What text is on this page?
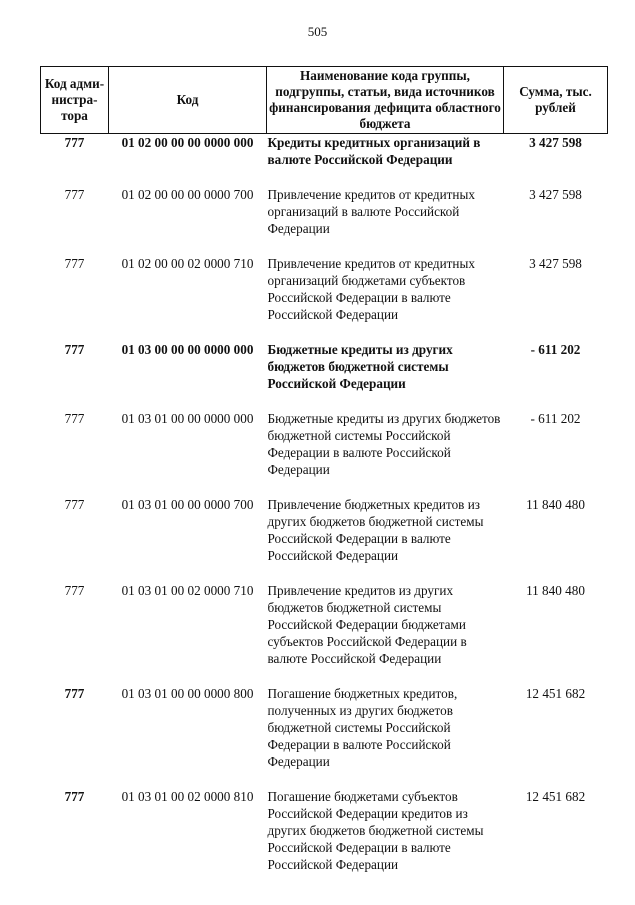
505
Код адми-нистра-тора	Код	Наименование кода группы, подгруппы, статьи, вида источников финансирования дефицита областного бюджета	Сумма, тыс. рублей
777	01 02 00 00 00 0000 000	Кредиты кредитных организаций в валюте Российской Федерации	3 427 598
777	01 02 00 00 00 0000 700	Привлечение кредитов от кредитных организаций в валюте Российской Федерации	3 427 598
777	01 02 00 00 02 0000 710	Привлечение кредитов от кредитных организаций бюджетами субъектов Российской Федерации в валюте Российской Федерации	3 427 598
777	01 03 00 00 00 0000 000	Бюджетные кредиты из других бюджетов бюджетной системы Российской Федерации	- 611 202
777	01 03 01 00 00 0000 000	Бюджетные кредиты из других бюджетов бюджетной системы Российской Федерации в валюте Российской Федерации	- 611 202
777	01 03 01 00 00 0000 700	Привлечение бюджетных кредитов из других бюджетов бюджетной системы Российской Федерации в валюте Российской Федерации	11 840 480
777	01 03 01 00 02 0000 710	Привлечение кредитов из других бюджетов бюджетной системы Российской Федерации бюджетами субъектов Российской Федерации в валюте Российской Федерации	11 840 480
777	01 03 01 00 00 0000 800	Погашение бюджетных кредитов, полученных из других бюджетов бюджетной системы Российской Федерации в валюте Российской Федерации	12 451 682
777	01 03 01 00 02 0000 810	Погашение бюджетами субъектов Российской Федерации кредитов из других бюджетов бюджетной системы Российской Федерации в валюте Российской Федерации	12 451 682
